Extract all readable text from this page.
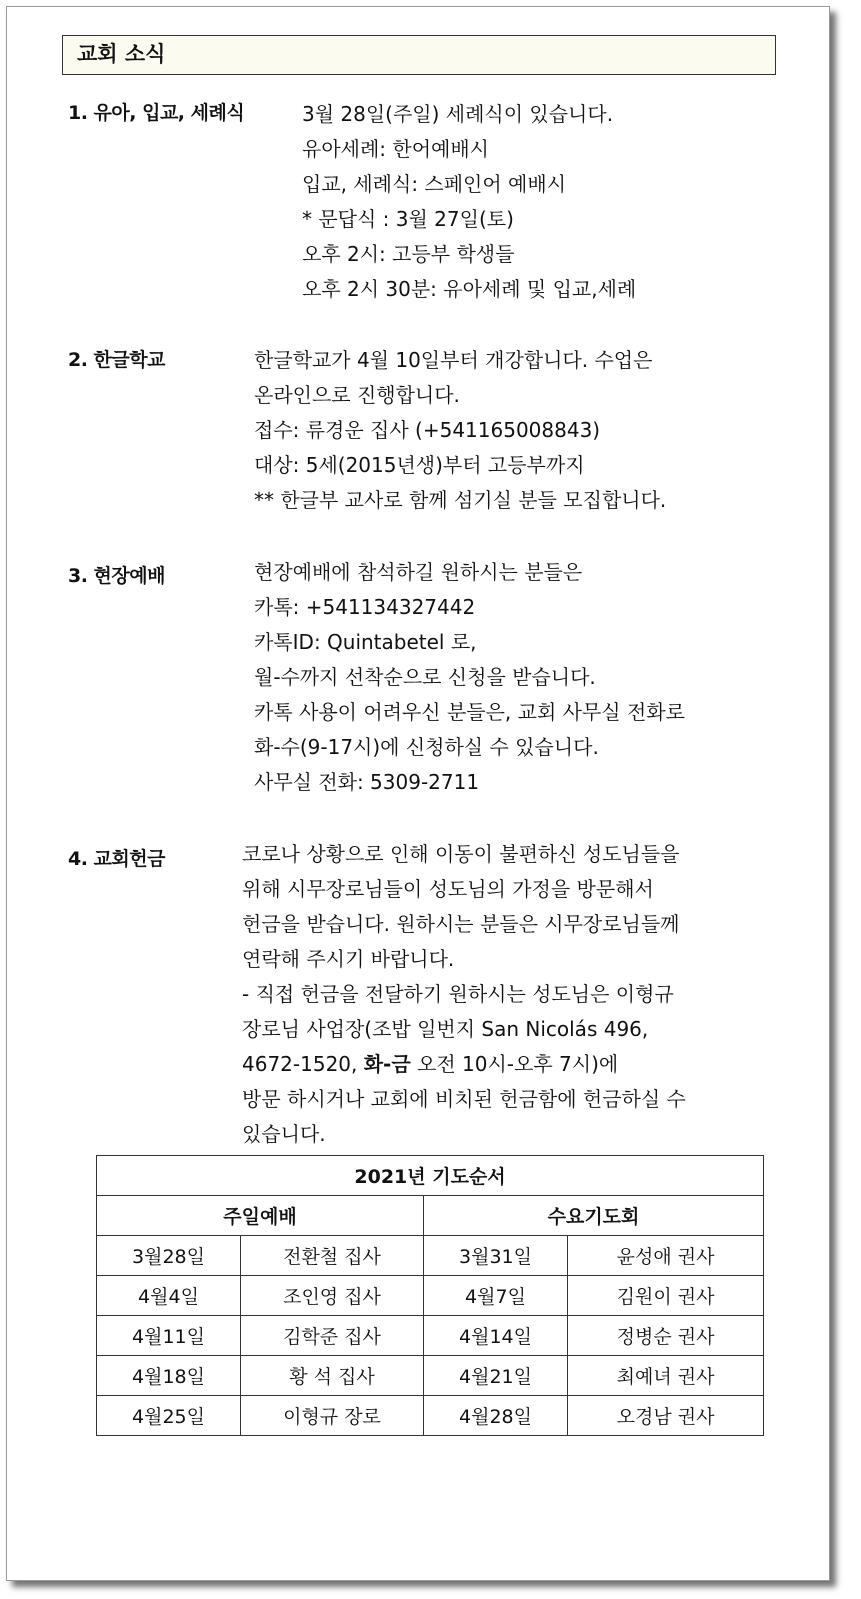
교회 소식
1. 유아, 입교, 세례식	3월 28일(주일) 세례식이 있습니다.
유아세례: 한어예배시
입교, 세례식: 스페인어 예배시
* 문답식 : 3월 27일(토)
오후 2시: 고등부 학생들
오후 2시 30분: 유아세례 및 입교,세례
2. 한글학교	한글학교가 4월 10일부터 개강합니다. 수업은
온라인으로 진행합니다.
접수: 류경운 집사 (+541165008843)
대상: 5세(2015년생)부터 고등부까지
** 한글부 교사로 함께 섬기실 분들 모집합니다.
3. 현장예배	현장예배에 참석하길 원하시는 분들은
카톡: +541134327442
카톡ID: Quintabetel 로,
월-수까지 선착순으로 신청을 받습니다.
카톡 사용이 어려우신 분들은, 교회 사무실 전화로
화-수(9-17시)에 신청하실 수 있습니다.
사무실 전화: 5309-2711
4. 교회헌금	코로나 상황으로 인해 이동이 불편하신 성도님들을
위해 시무장로님들이 성도님의 가정을 방문해서
헌금을 받습니다. 원하시는 분들은 시무장로님들께
연락해 주시기 바랍니다.
- 직접 헌금을 전달하기 원하시는 성도님은 이형규
장로님 사업장(조밥 일번지 San Nicolás 496,
4672-1520, 화-금 오전 10시-오후 7시)에
방문 하시거나 교회에 비치된 헌금함에 헌금하실 수
있습니다.
2021년 기도순서			
주일예배		수요기도회	
3월28일	전환철 집사	3월31일	윤성애 권사
4월4일	조인영 집사	4월7일	김원이 권사
4월11일	김학준 집사	4월14일	정병순 권사
4월18일	황 석 집사	4월21일	최예녀 권사
4월25일	이형규 장로	4월28일	오경남 권사
